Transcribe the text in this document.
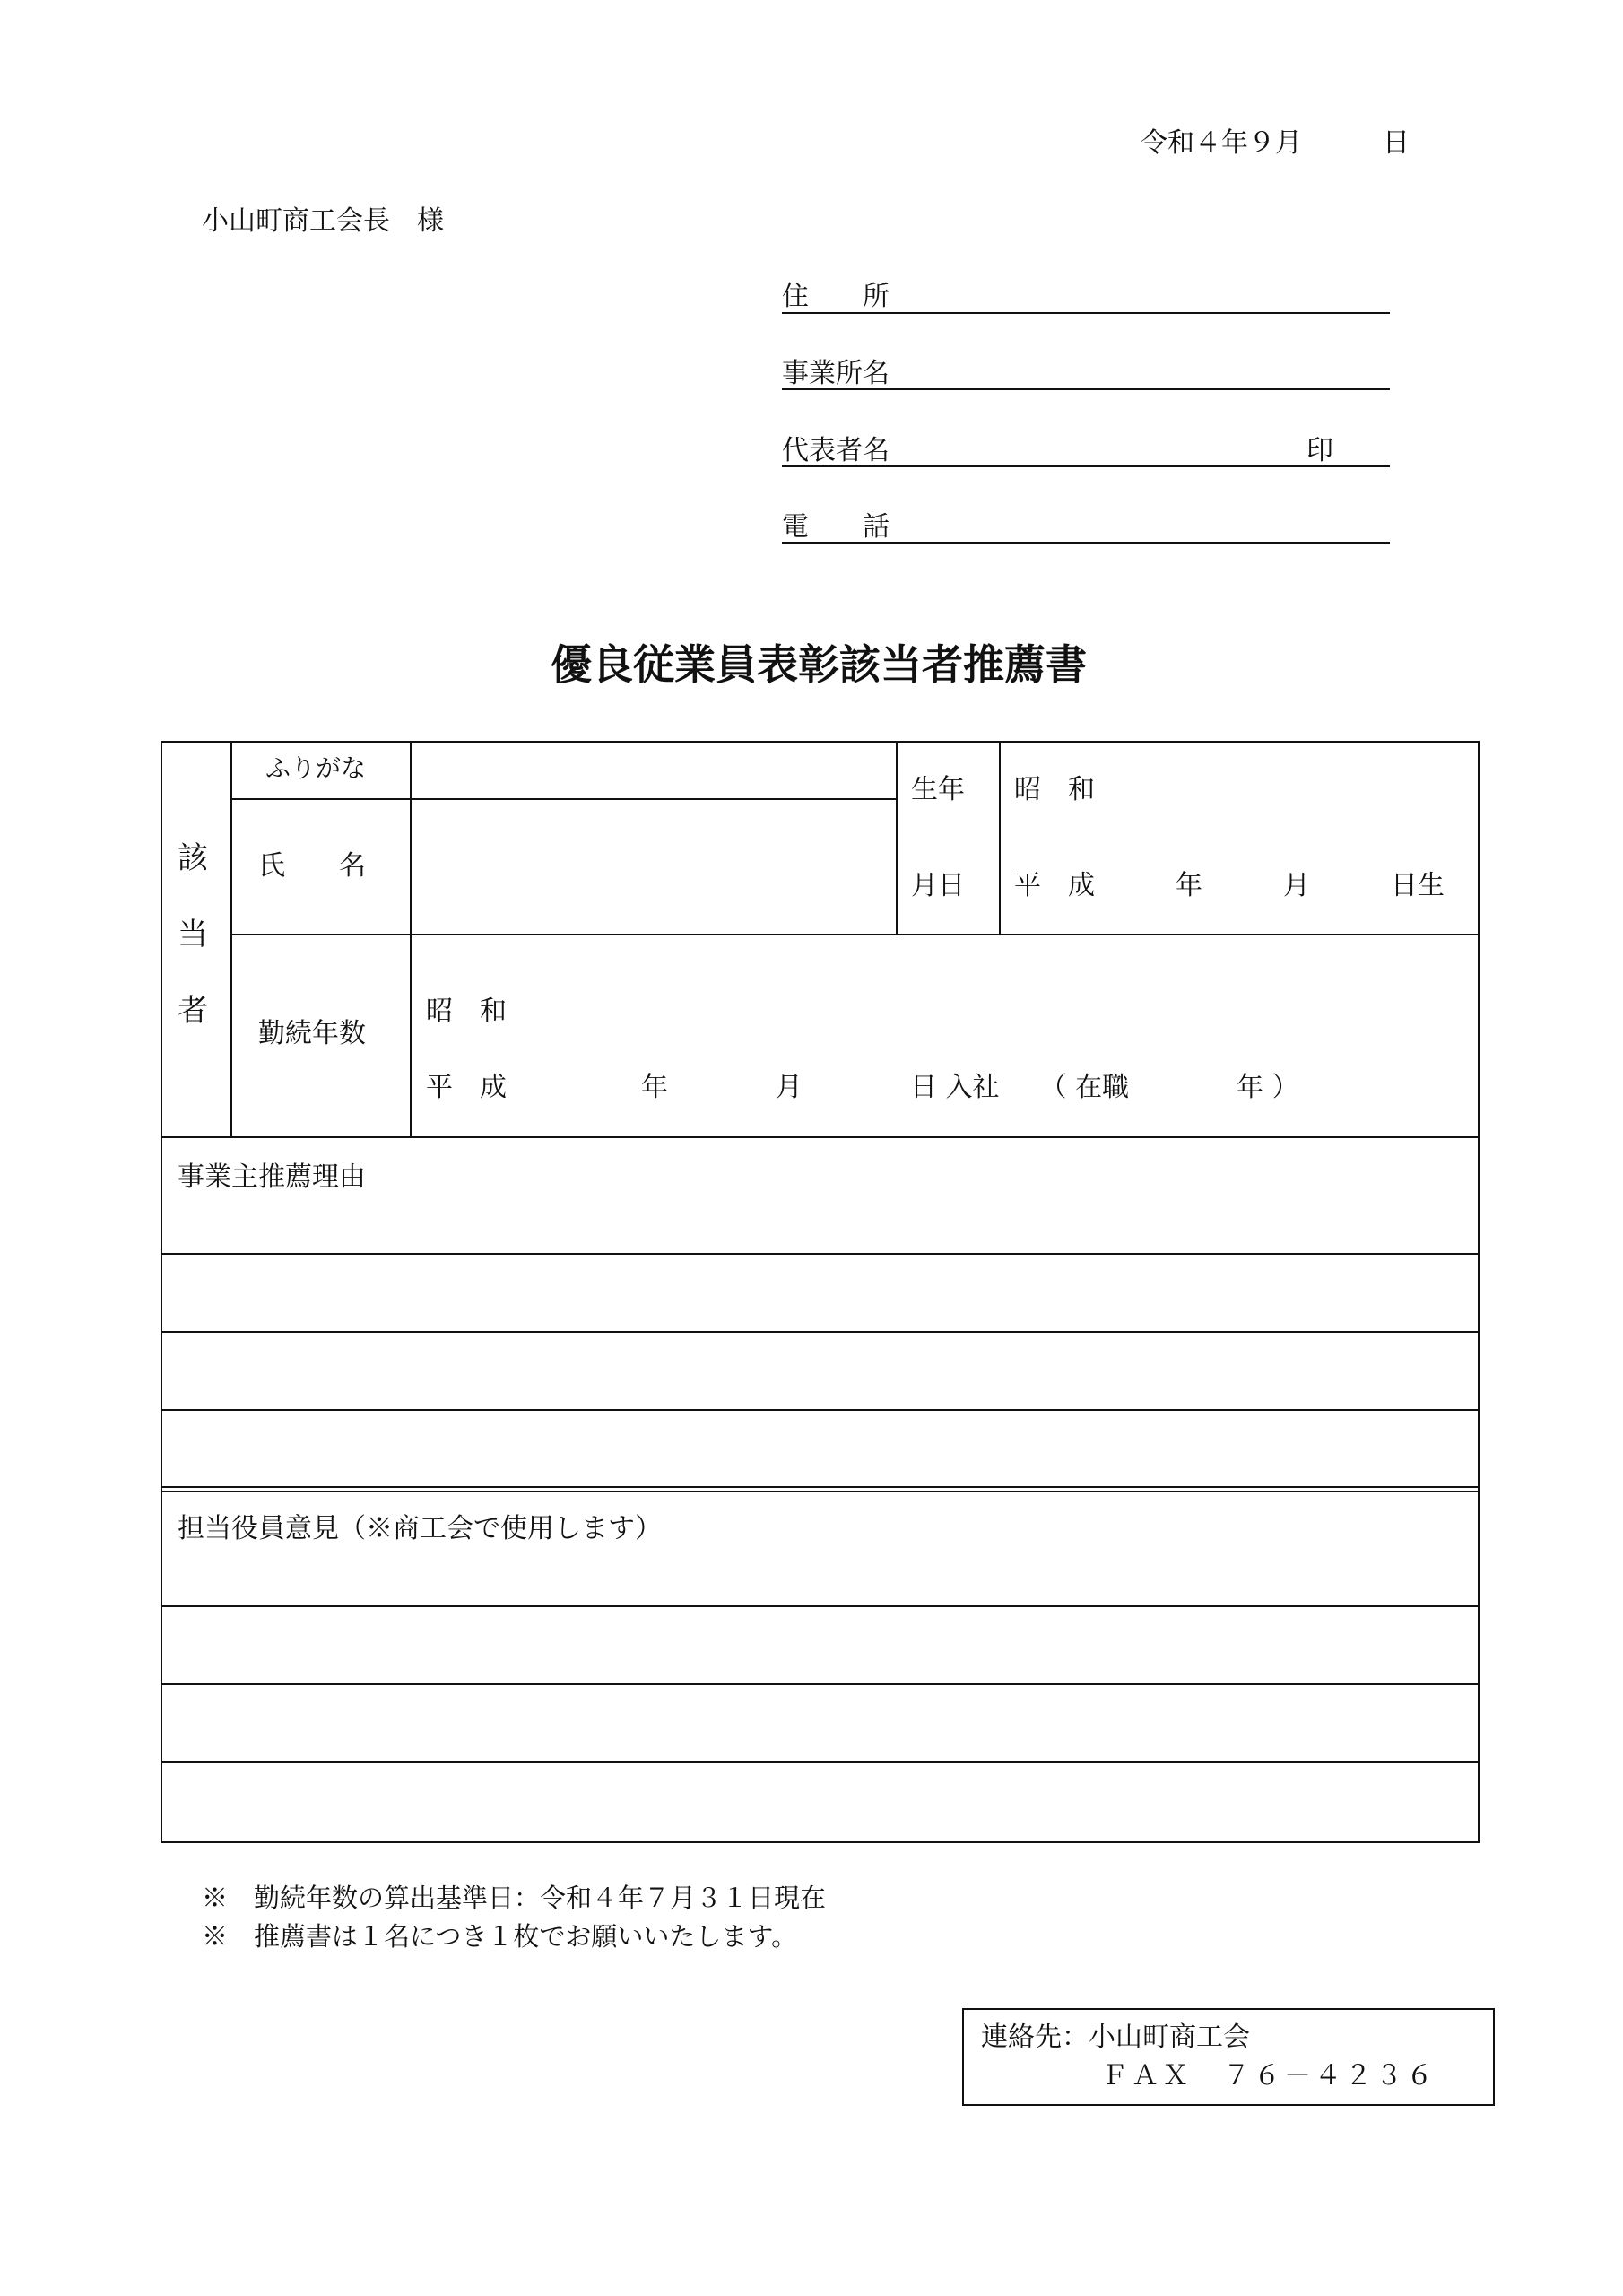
令和４年９月　　　日
小山町商工会長　様
住　　所
事業所名
代表者名	印
電　　話
優良従業員表彰該当者推薦書
該
当
者
ふりがな
氏　　名
生年
月日
昭　和
平　成　　　年　　　月　　　日生
勤続年数
昭　和
平　成　　　　　年　　　　月　　　　日 入社　　（ 在職　　　　年 ）
事業主推薦理由
担当役員意見（※商工会で使用します）
※　勤続年数の算出基準日：令和４年７月３１日現在
※　推薦書は１名につき１枚でお願いいたします。
連絡先：小山町商工会
ＦＡＸ　７６－４２３６
